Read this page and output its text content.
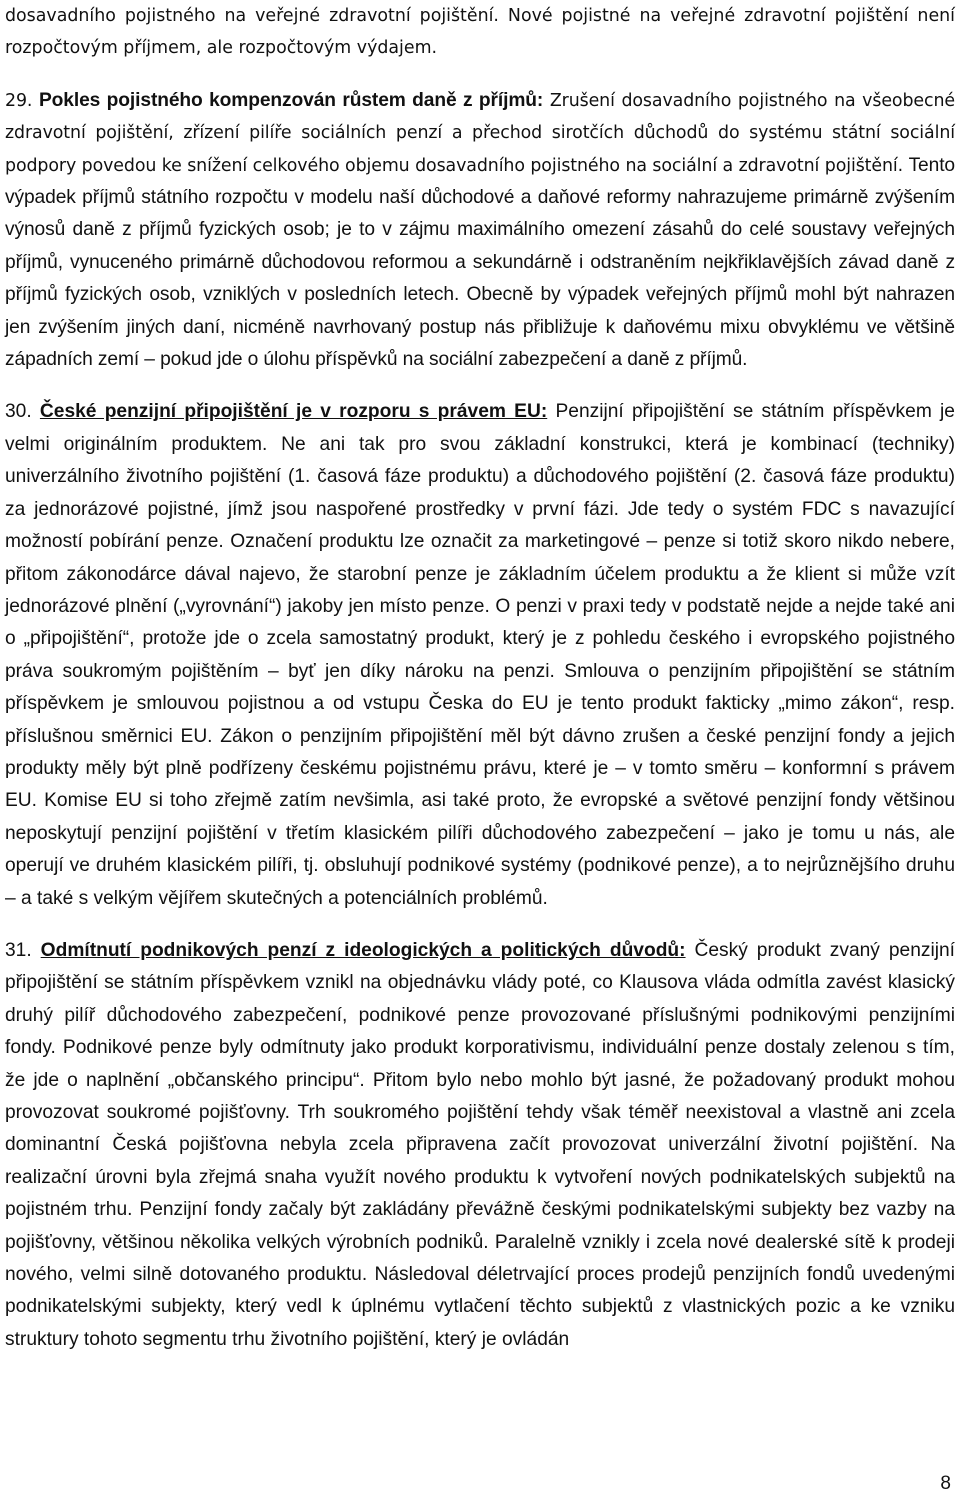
dosavadního pojistného na veřejné zdravotní pojištění. Nové pojistné na veřejné zdravotní pojištění není rozpočtovým příjmem, ale rozpočtovým výdajem.

29. Pokles pojistného kompenzován růstem daně z příjmů: Zrušení dosavadního pojistného na všeobecné zdravotní pojištění, zřízení pilíře sociálních penzí a přechod sirotčích důchodů do systému státní sociální podpory povedou ke snížení celkového objemu dosavadního pojistného na sociální a zdravotní pojištění. Tento výpadek příjmů státního rozpočtu v modelu naší důchodové a daňové reformy nahrazujeme primárně zvýšením výnosů daně z příjmů fyzických osob; je to v zájmu maximálního omezení zásahů do celé soustavy veřejných příjmů, vynuceného primárně důchodovou reformou a sekundárně i odstraněním nejkřiklavějších závad daně z příjmů fyzických osob, vzniklých v posledních letech. Obecně by výpadek veřejných příjmů mohl být nahrazen jen zvýšením jiných daní, nicméně navrhovaný postup nás přibližuje k daňovému mixu obvyklému ve většině západních zemí – pokud jde o úlohu příspěvků na sociální zabezpečení a daně z příjmů.

30. České penzijní připojištění je v rozporu s právem EU: Penzijní připojištění se státním příspěvkem je velmi originálním produktem. Ne ani tak pro svou základní konstrukci, která je kombinací (techniky) univerzálního životního pojištění (1. časová fáze produktu) a důchodového pojištění (2. časová fáze produktu) za jednorázové pojistné, jímž jsou naspořené prostředky v první fázi. Jde tedy o systém FDC s navazující možností pobírání penze. Označení produktu lze označit za marketingové – penze si totiž skoro nikdo nebere, přitom zákonodárce dával najevo, že starobní penze je základním účelem produktu a že klient si může vzít jednorázové plnění („vyrovnání“) jakoby jen místo penze. O penzi v praxi tedy v podstatě nejde a nejde také ani o „připojištění“, protože jde o zcela samostatný produkt, který je z pohledu českého i evropského pojistného práva soukromým pojištěním – byť jen díky nároku na penzi. Smlouva o penzijním připojištění se státním příspěvkem je smlouvou pojistnou a od vstupu Česka do EU je tento produkt fakticky „mimo zákon“, resp. příslušnou směrnici EU. Zákon o penzijním připojištění měl být dávno zrušen a české penzijní fondy a jejich produkty měly být plně podřízeny českému pojistnému právu, které je – v tomto směru – konformní s právem EU. Komise EU si toho zřejmě zatím nevšimla, asi také proto, že evropské a světové penzijní fondy většinou neposkytují penzijní pojištění v třetím klasickém pilíři důchodového zabezpečení – jako je tomu u nás, ale operují ve druhém klasickém pilíři, tj. obsluhují podnikové systémy (podnikové penze), a to nejrůznějšího druhu – a také s velkým vějířem skutečných a potenciálních problémů.

31. Odmítnutí podnikových penzí z ideologických a politických důvodů: Český produkt zvaný penzijní připojištění se státním příspěvkem vznikl na objednávku vlády poté, co Klausova vláda odmítla zavést klasický druhý pilíř důchodového zabezpečení, podnikové penze provozované příslušnými podnikovými penzijními fondy. Podnikové penze byly odmítnuty jako produkt korporativismu, individuální penze dostaly zelenou s tím, že jde o naplnění „občanského principu“. Přitom bylo nebo mohlo být jasné, že požadovaný produkt mohou provozovat soukromé pojišťovny. Trh soukromého pojištění tehdy však téměř neexistoval a vlastně ani zcela dominantní Česká pojišťovna nebyla zcela připravena začít provozovat univerzální životní pojištění. Na realizační úrovni byla zřejmá snaha využít nového produktu k vytvoření nových podnikatelských subjektů na pojistném trhu. Penzijní fondy začaly být zakládány převážně českými podnikatelskými subjekty bez vazby na pojišťovny, většinou několika velkých výrobních podniků. Paralelně vznikly i zcela nové dealerské sítě k prodeji nového, velmi silně dotovaného produktu. Následoval déletrvající proces prodejů penzijních fondů uvedenými podnikatelskými subjekty, který vedl k úplnému vytlačení těchto subjektů z vlastnických pozic a ke vzniku struktury tohoto segmentu trhu životního pojištění, který je ovládán

8
